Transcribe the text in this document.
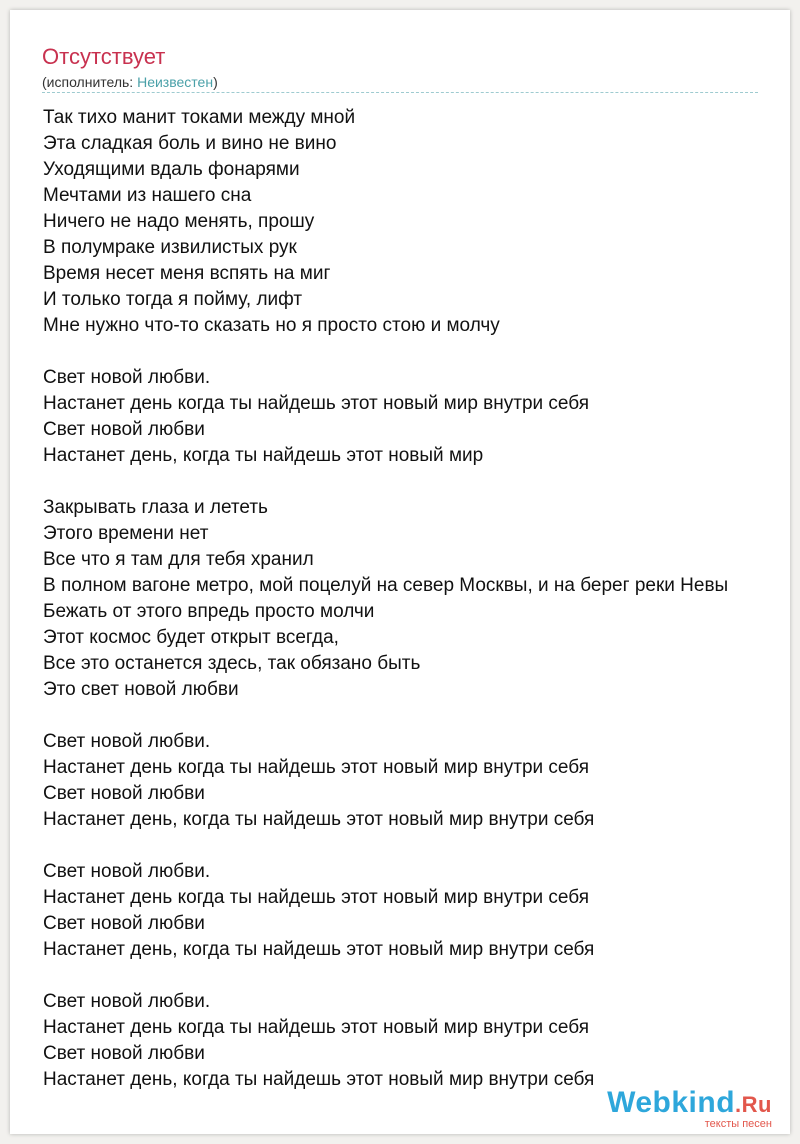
Отсутствует
(исполнитель: Неизвестен)
Так тихо манит токами между мной
Эта сладкая боль и вино не вино
Уходящими вдаль фонарями
Мечтами из нашего сна
Ничего не надо менять, прошу
В полумраке извилистых рук
Время несет меня вспять на миг
И только тогда я пойму, лифт
Мне нужно что-то сказать но я просто стою и молчу
Свет новой любви.
Настанет день когда ты найдешь этот новый мир внутри себя
Свет новой любви
Настанет день, когда ты найдешь этот новый мир
Закрывать глаза и лететь
Этого времени нет
Все что я там для тебя хранил
В полном вагоне метро, мой поцелуй на север Москвы, и на берег реки Невы
Бежать от этого впредь просто молчи
Этот космос будет открыт всегда,
Все это останется здесь, так обязано быть
Это свет новой любви
Свет новой любви.
Настанет день когда ты найдешь этот новый мир внутри себя
Свет новой любви
Настанет день, когда ты найдешь этот новый мир внутри себя
Свет новой любви.
Настанет день когда ты найдешь этот новый мир внутри себя
Свет новой любви
Настанет день, когда ты найдешь этот новый мир внутри себя
Свет новой любви.
Настанет день когда ты найдешь этот новый мир внутри себя
Свет новой любви
Настанет день, когда ты найдешь этот новый мир внутри себя
Webkind.Ru
тексты песен
